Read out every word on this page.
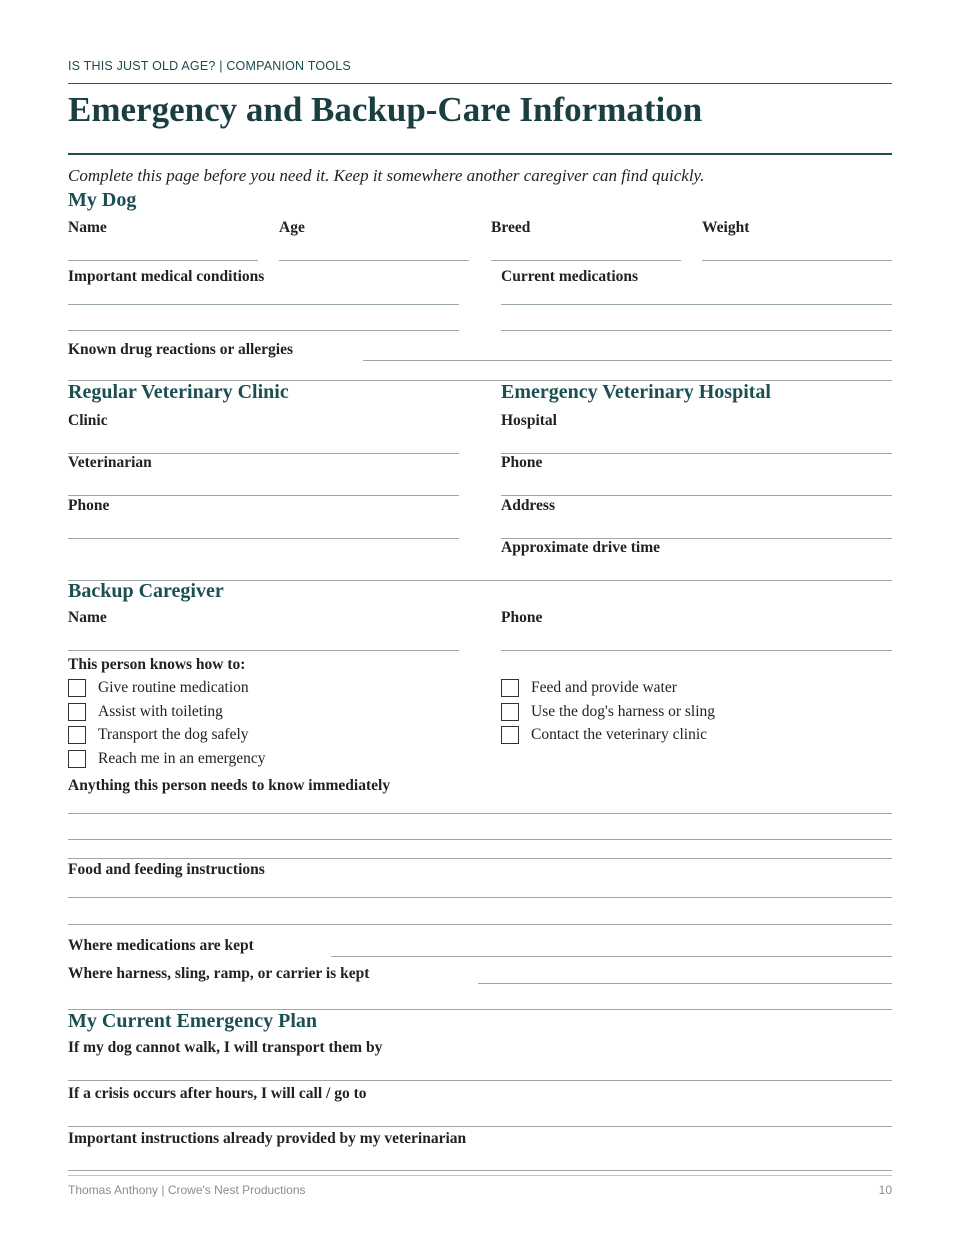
IS THIS JUST OLD AGE? | COMPANION TOOLS
Emergency and Backup-Care Information
Complete this page before you need it. Keep it somewhere another caregiver can find quickly.
My Dog
Name	Age	Breed	Weight
Important medical conditions	Current medications
Known drug reactions or allergies
Regular Veterinary Clinic
Clinic
Veterinarian
Phone
Emergency Veterinary Hospital
Hospital
Phone
Address
Approximate drive time
Backup Caregiver
Name	Phone
This person knows how to:
Give routine medication
Assist with toileting
Transport the dog safely
Reach me in an emergency
Feed and provide water
Use the dog's harness or sling
Contact the veterinary clinic
Anything this person needs to know immediately
Food and feeding instructions
Where medications are kept
Where harness, sling, ramp, or carrier is kept
My Current Emergency Plan
If my dog cannot walk, I will transport them by
If a crisis occurs after hours, I will call / go to
Important instructions already provided by my veterinarian
Thomas Anthony | Crowe's Nest Productions	10
